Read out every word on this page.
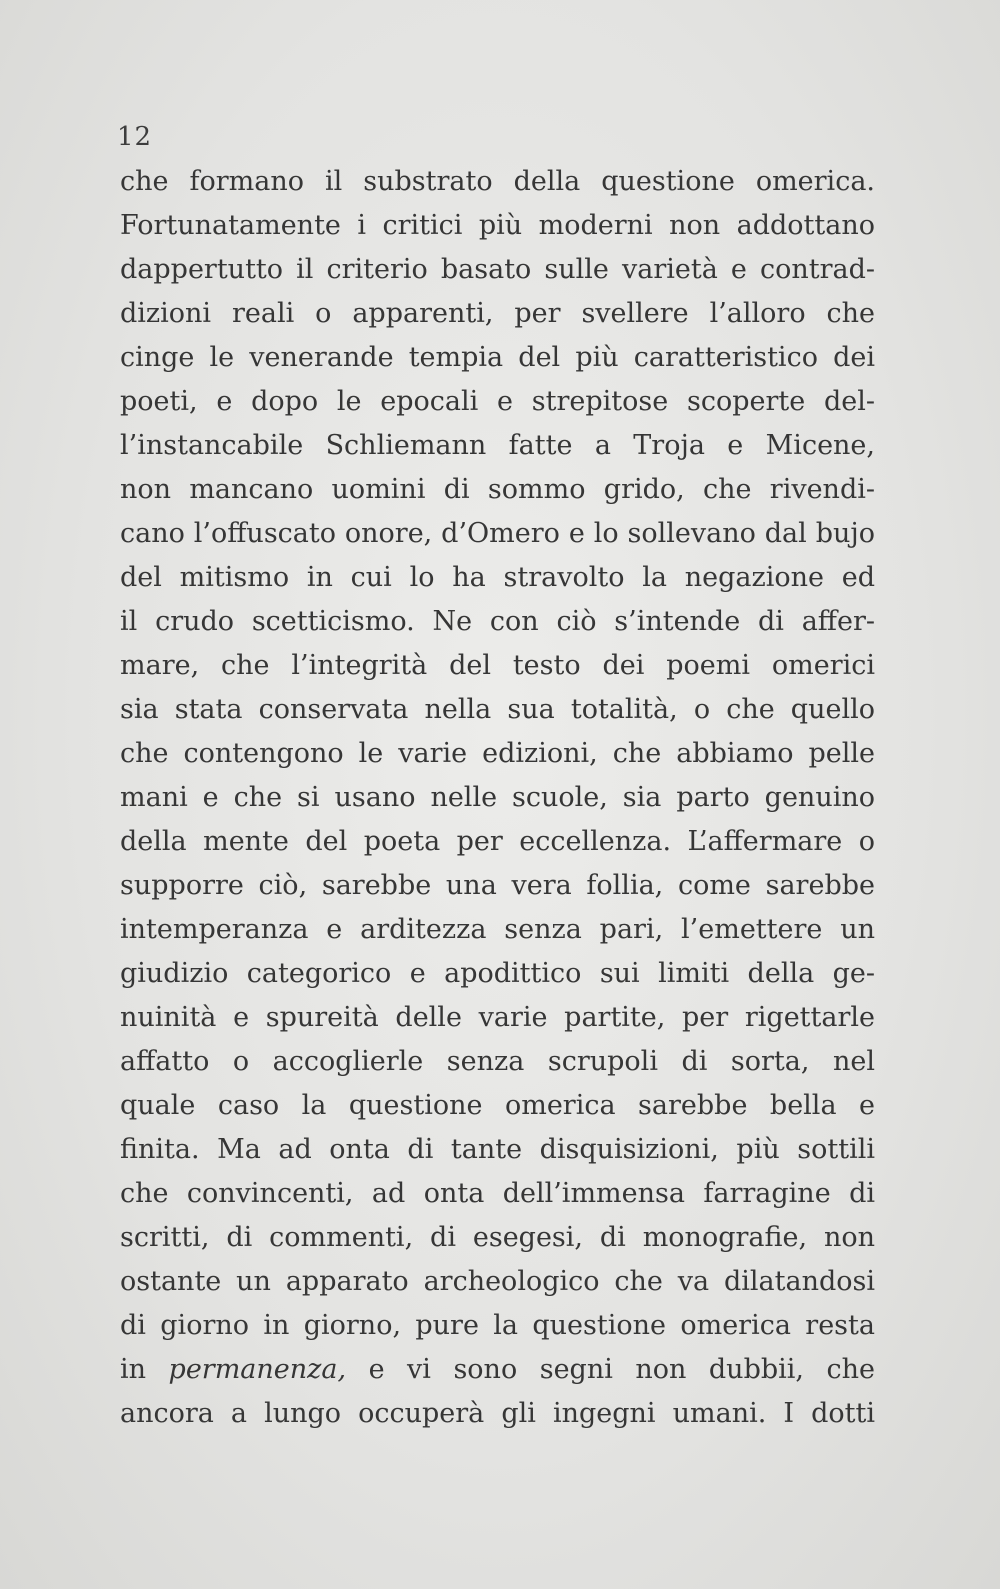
12
che formano il substrato della questione omerica.
Fortunatamente i critici più moderni non addottano
dappertutto il criterio basato sulle varietà e contrad-
dizioni reali o apparenti, per svellere l’alloro che
cinge le venerande tempia del più caratteristico dei
poeti, e dopo le epocali e strepitose scoperte del-
l’instancabile Schliemann fatte a Troja e Micene,
non mancano uomini di sommo grido, che rivendi-
cano l’offuscato onore, d’Omero e lo sollevano dal bujo
del mitismo in cui lo ha stravolto la negazione ed
il crudo scetticismo. Ne con ciò s’intende di affer-
mare, che l’integrità del testo dei poemi omerici
sia stata conservata nella sua totalità, o che quello
che contengono le varie edizioni, che abbiamo pelle
mani e che si usano nelle scuole, sia parto genuino
della mente del poeta per eccellenza. L’affermare o
supporre ciò, sarebbe una vera follia, come sarebbe
intemperanza e arditezza senza pari, l’emettere un
giudizio categorico e apodittico sui limiti della ge-
nuinità e spureità delle varie partite, per rigettarle
affatto o accoglierle senza scrupoli di sorta, nel
quale caso la questione omerica sarebbe bella e
finita. Ma ad onta di tante disquisizioni, più sottili
che convincenti, ad onta dell’immensa farragine di
scritti, di commenti, di esegesi, di monografie, non
ostante un apparato archeologico che va dilatandosi
di giorno in giorno, pure la questione omerica resta
in permanenza, e vi sono segni non dubbii, che
ancora a lungo occuperà gli ingegni umani. I dotti
